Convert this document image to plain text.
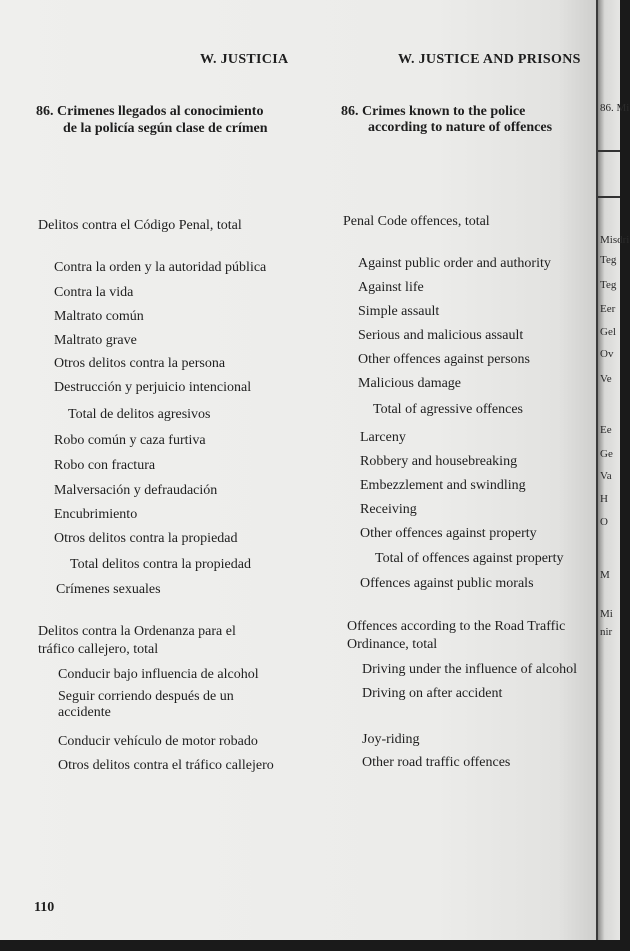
W. JUSTICIA	W. JUSTICE AND PRISONS
86. Crimenes llegados al conocimiento
de la policía según clase de crímen
86. Crimes known to the police
according to nature of offences
Delitos contra el Código Penal, total
Contra la orden y la autoridad pública
Contra la vida
Maltrato común
Maltrato grave
Otros delitos contra la persona
Destrucción y perjuicio intencional
Total de delitos agresivos
Robo común y caza furtiva
Robo con fractura
Malversación y defraudación
Encubrimiento
Otros delitos contra la propiedad
Total delitos contra la propiedad
Crímenes sexuales
Delitos contra la Ordenanza para el
tráfico callejero, total
Conducir bajo influencia de alcohol
Seguir corriendo después de un
accidente
Conducir vehículo de motor robado
Otros delitos contra el tráfico callejero
Penal Code offences, total
Against public order and authority
Against life
Simple assault
Serious and malicious assault
Other offences against persons
Malicious damage
Total of agressive offences
Larceny
Robbery and housebreaking
Embezzlement and swindling
Receiving
Other offences against property
Total of offences against property
Offences against public morals
Offences according to the Road Traffic
Ordinance, total
Driving under the influence of alcohol
Driving on after accident
Joy-riding
Other road traffic offences
110
86. Mi
Misdri
Teg
Teg
Eer
Gel
Ov
Ve
Ee
Ge
Va
H
O
M
Mi
nir
